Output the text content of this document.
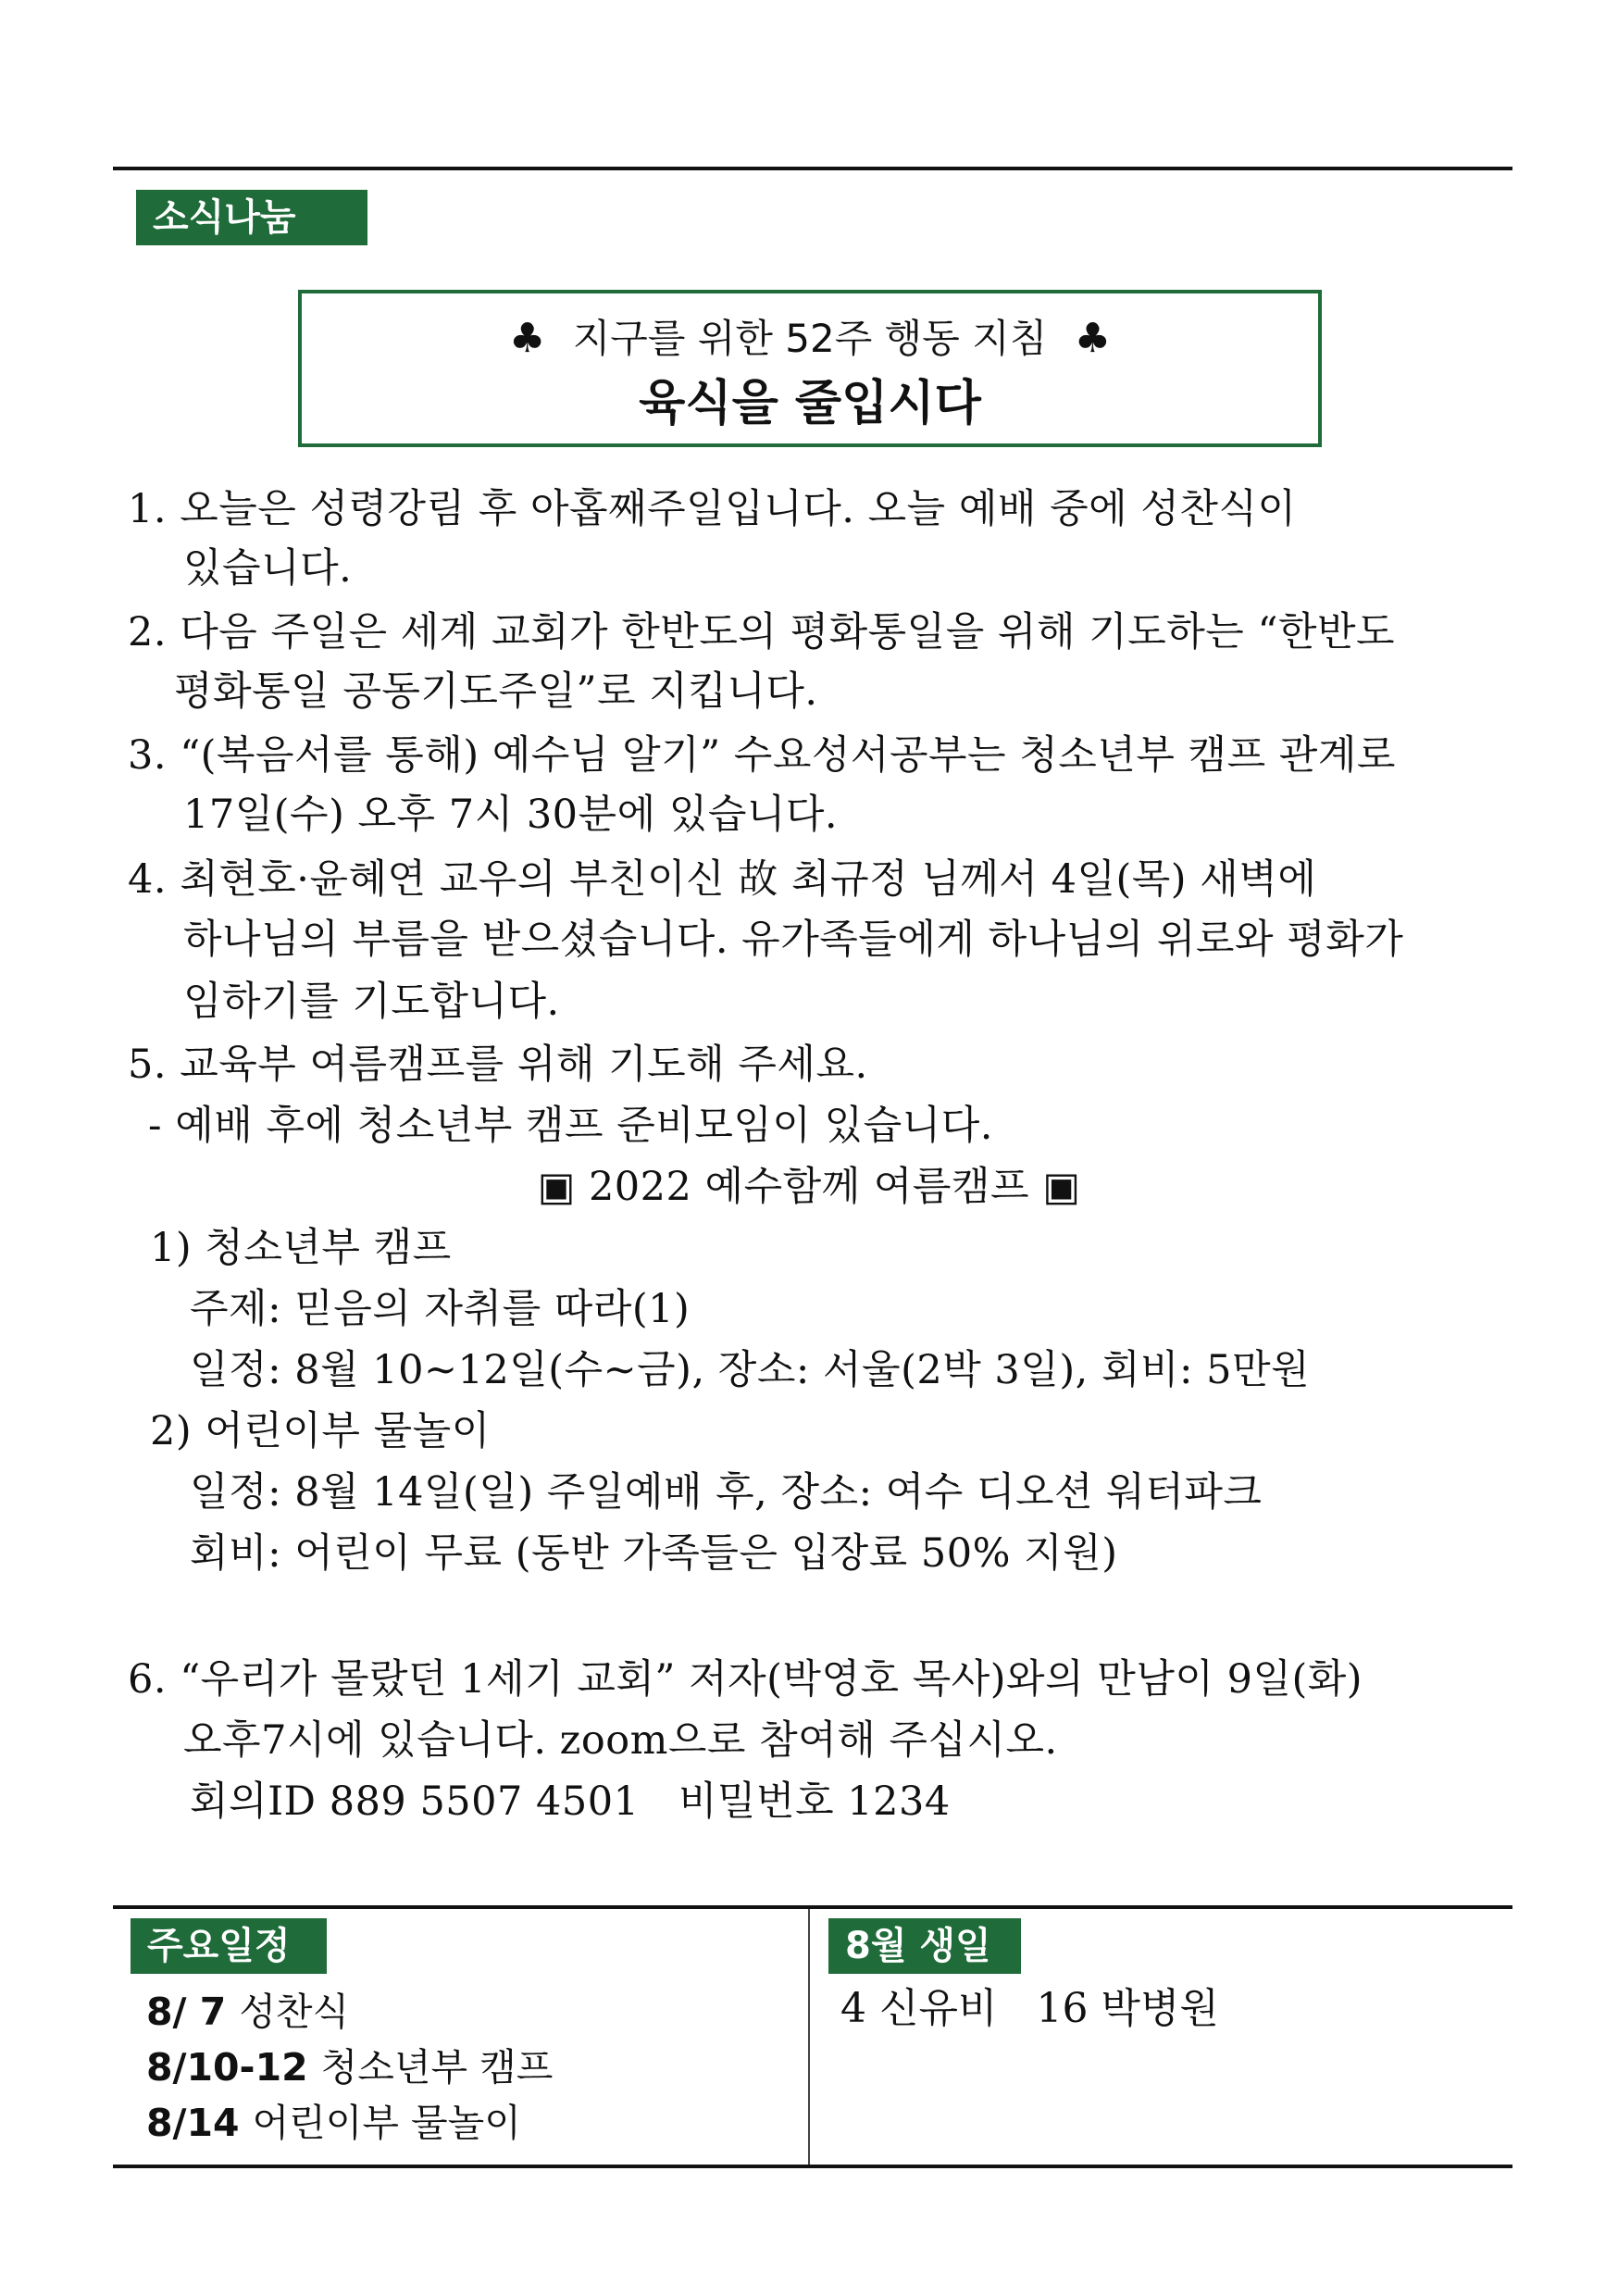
소식나눔
♣ 지구를 위한 52주 행동 지침 ♣
육식을 줄입시다
1. 오늘은 성령강림 후 아홉째주일입니다. 오늘 예배 중에 성찬식이
있습니다.
2. 다음 주일은 세계 교회가 한반도의 평화통일을 위해 기도하는 “한반도
평화통일 공동기도주일”로 지킵니다.
3. “(복음서를 통해) 예수님 알기” 수요성서공부는 청소년부 캠프 관계로
17일(수) 오후 7시 30분에 있습니다.
4. 최현호·윤혜연 교우의 부친이신 故 최규정 님께서 4일(목) 새벽에
하나님의 부름을 받으셨습니다. 유가족들에게 하나님의 위로와 평화가
임하기를 기도합니다.
5. 교육부 여름캠프를 위해 기도해 주세요.
- 예배 후에 청소년부 캠프 준비모임이 있습니다.
▣ 2022 예수함께 여름캠프 ▣
1) 청소년부 캠프
주제: 믿음의 자취를 따라(1)
일정: 8월 10~12일(수~금), 장소: 서울(2박 3일), 회비: 5만원
2) 어린이부 물놀이
일정: 8월 14일(일) 주일예배 후, 장소: 여수 디오션 워터파크
회비: 어린이 무료 (동반 가족들은 입장료 50% 지원)
6. “우리가 몰랐던 1세기 교회” 저자(박영호 목사)와의 만남이 9일(화)
오후7시에 있습니다. zoom으로 참여해 주십시오.
회의ID 889 5507 4501   비밀번호 1234
주요일정
8/ 7 성찬식
8/10-12 청소년부 캠프
8/14 어린이부 물놀이
8월 생일
4 신유비   16 박병원
